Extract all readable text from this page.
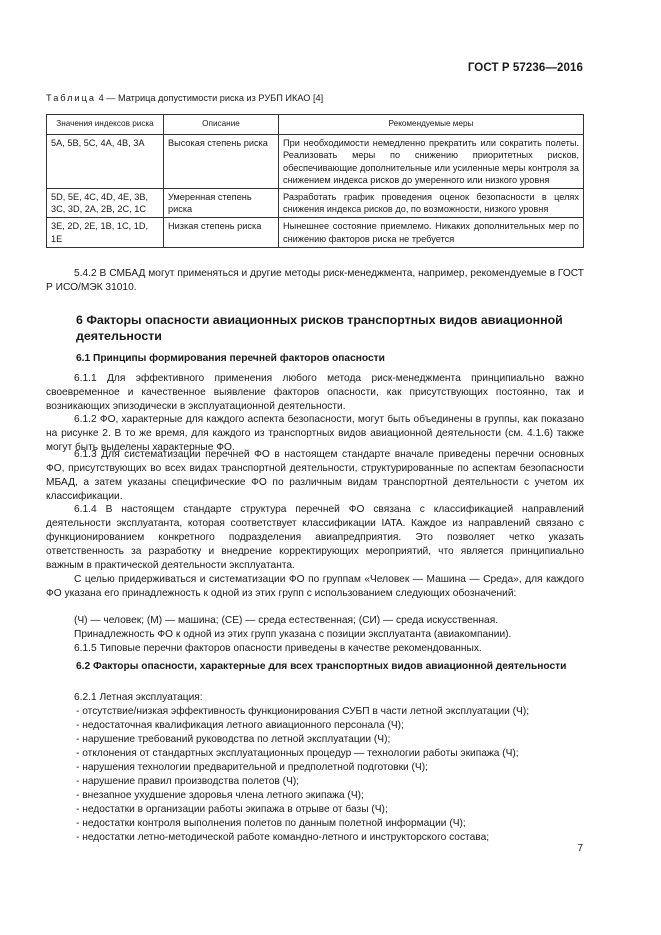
ГОСТ Р 57236—2016
Таблица 4 — Матрица допустимости риска из РУБП ИКАО [4]
Значения индексов риска	Описание	Рекомендуемые меры
5А, 5В, 5С, 4А, 4В, 3А	Высокая степень риска	При необходимости немедленно прекратить или сократить полеты. Реализовать меры по снижению приоритетных рисков, обеспечивающие дополнительные или усиленные меры контроля за снижением индекса рисков до умеренного или низкого уровня
5D, 5Е, 4С, 4D, 4Е, 3В, 3С, 3D, 2А, 2В, 2С, 1С	Умеренная степень риска	Разработать график проведения оценок безопасности в целях снижения индекса рисков до, по возможности, низкого уровня
3Е, 2D, 2Е, 1В, 1С, 1D, 1Е	Низкая степень риска	Нынешнее состояние приемлемо. Никаких дополнительных мер по снижению факторов риска не требуется
5.4.2 В СМБАД могут применяться и другие методы риск-менеджмента, например, рекомендуемые в ГОСТ Р ИСО/МЭК 31010.
6 Факторы опасности авиационных рисков транспортных видов авиационной деятельности
6.1 Принципы формирования перечней факторов опасности
6.1.1 Для эффективного применения любого метода риск-менеджмента принципиально важно своевременное и качественное выявление факторов опасности, как присутствующих постоянно, так и возникающих эпизодически в эксплуатационной деятельности.
6.1.2 ФО, характерные для каждого аспекта безопасности, могут быть объединены в группы, как показано на рисунке 2. В то же время, для каждого из транспортных видов авиационной деятельности (см. 4.1.6) также могут быть выделены характерные ФО.
6.1.3 Для систематизации перечней ФО в настоящем стандарте вначале приведены перечни основных ФО, присутствующих во всех видах транспортной деятельности, структурированные по аспектам безопасности МБАД, а затем указаны специфические ФО по различным видам транспортной деятельности с учетом их классификации.
6.1.4 В настоящем стандарте структура перечней ФО связана с классификацией направлений деятельности эксплуатанта, которая соответствует классификации IATA. Каждое из направлений связано с функционированием конкретного подразделения авиапредприятия. Это позволяет четко указать ответственность за разработку и внедрение корректирующих мероприятий, что является принципиально важным в практической деятельности эксплуатанта.
С целью придерживаться и систематизации ФО по группам «Человек — Машина — Среда», для каждого ФО указана его принадлежность к одной из этих групп с использованием следующих обозначений:
(Ч) — человек; (М) — машина; (СЕ) — среда естественная; (СИ) — среда искусственная.
Принадлежность ФО к одной из этих групп указана с позиции эксплуатанта (авиакомпании).
6.1.5 Типовые перечни факторов опасности приведены в качестве рекомендованных.
6.2 Факторы опасности, характерные для всех транспортных видов авиационной деятельности
6.2.1 Летная эксплуатация:
- отсутствие/низкая эффективность функционирования СУБП в части летной эксплуатации (Ч);
- недостаточная квалификация летного авиационного персонала (Ч);
- нарушение требований руководства по летной эксплуатации (Ч);
- отклонения от стандартных эксплуатационных процедур — технологии работы экипажа (Ч);
- нарушения технологии предварительной и предполетной подготовки (Ч);
- нарушение правил производства полетов (Ч);
- внезапное ухудшение здоровья члена летного экипажа (Ч);
- недостатки в организации работы экипажа в отрыве от базы (Ч);
- недостатки контроля выполнения полетов по данным полетной информации (Ч);
- недостатки летно-методической работе командно-летного и инструкторского состава;
7
